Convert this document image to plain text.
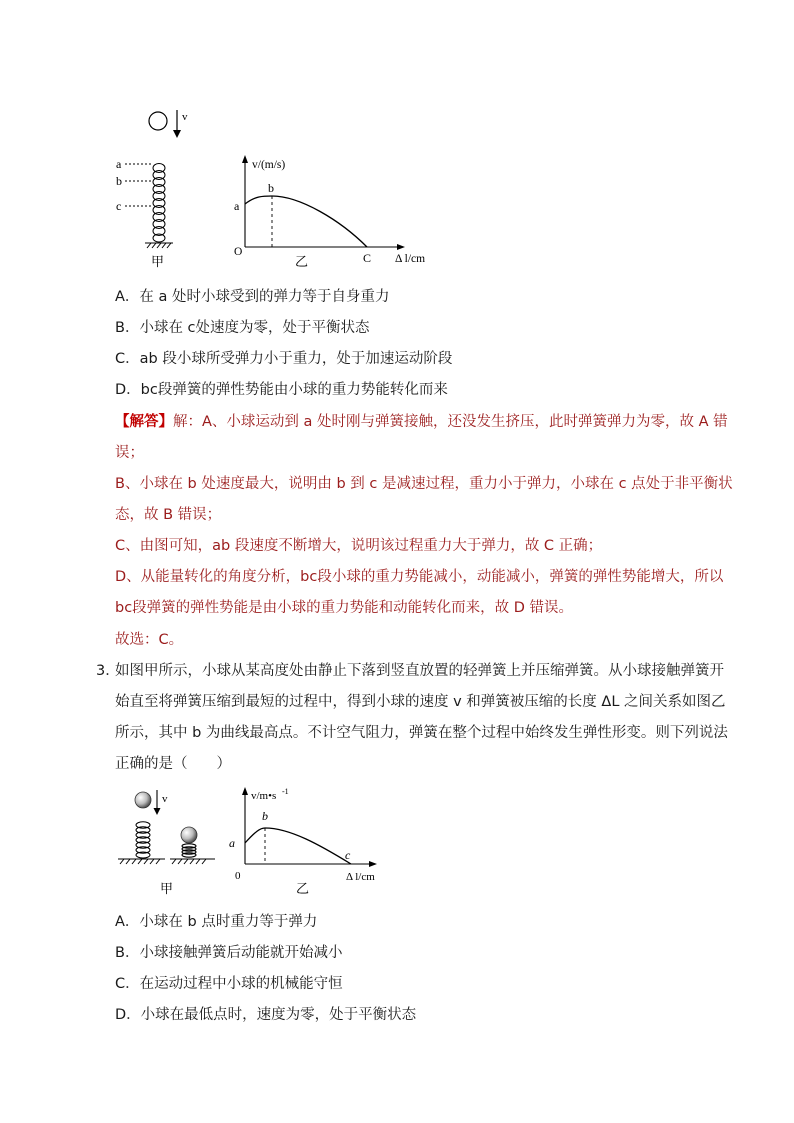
v
a
b
c
甲
v/(m/s)
a
b
O	C Δ l/cm
乙
A．在 a 处时小球受到的弹力等于自身重力
B．小球在 c处速度为零，处于平衡状态
C．ab 段小球所受弹力小于重力，处于加速运动阶段
D．bc段弹簧的弹性势能由小球的重力势能转化而来
【解答】解：A、小球运动到 a 处时刚与弹簧接触，还没发生挤压，此时弹簧弹力为零，故 A 错
误；
B、小球在 b 处速度最大，说明由 b 到 c 是减速过程，重力小于弹力，小球在 c 点处于非平衡状
态，故 B 错误；
C、由图可知，ab 段速度不断增大，说明该过程重力大于弹力，故 C 正确；
D、从能量转化的角度分析，bc段小球的重力势能减小，动能减小，弹簧的弹性势能增大，所以
bc段弹簧的弹性势能是由小球的重力势能和动能转化而来，故 D 错误。
故选：C。
3．
如图甲所示，小球从某高度处由静止下落到竖直放置的轻弹簧上并压缩弹簧。从小球接触弹簧开
始直至将弹簧压缩到最短的过程中，得到小球的速度 v 和弹簧被压缩的长度 ΔL 之间关系如图乙
所示，其中 b 为曲线最高点。不计空气阻力，弹簧在整个过程中始终发生弹性形变。则下列说法
正确的是（　　）
v
甲
v/m•s -1
a
b
c
0	Δ l/cm
乙
A．小球在 b 点时重力等于弹力
B．小球接触弹簧后动能就开始减小
C．在运动过程中小球的机械能守恒
D．小球在最低点时，速度为零，处于平衡状态
